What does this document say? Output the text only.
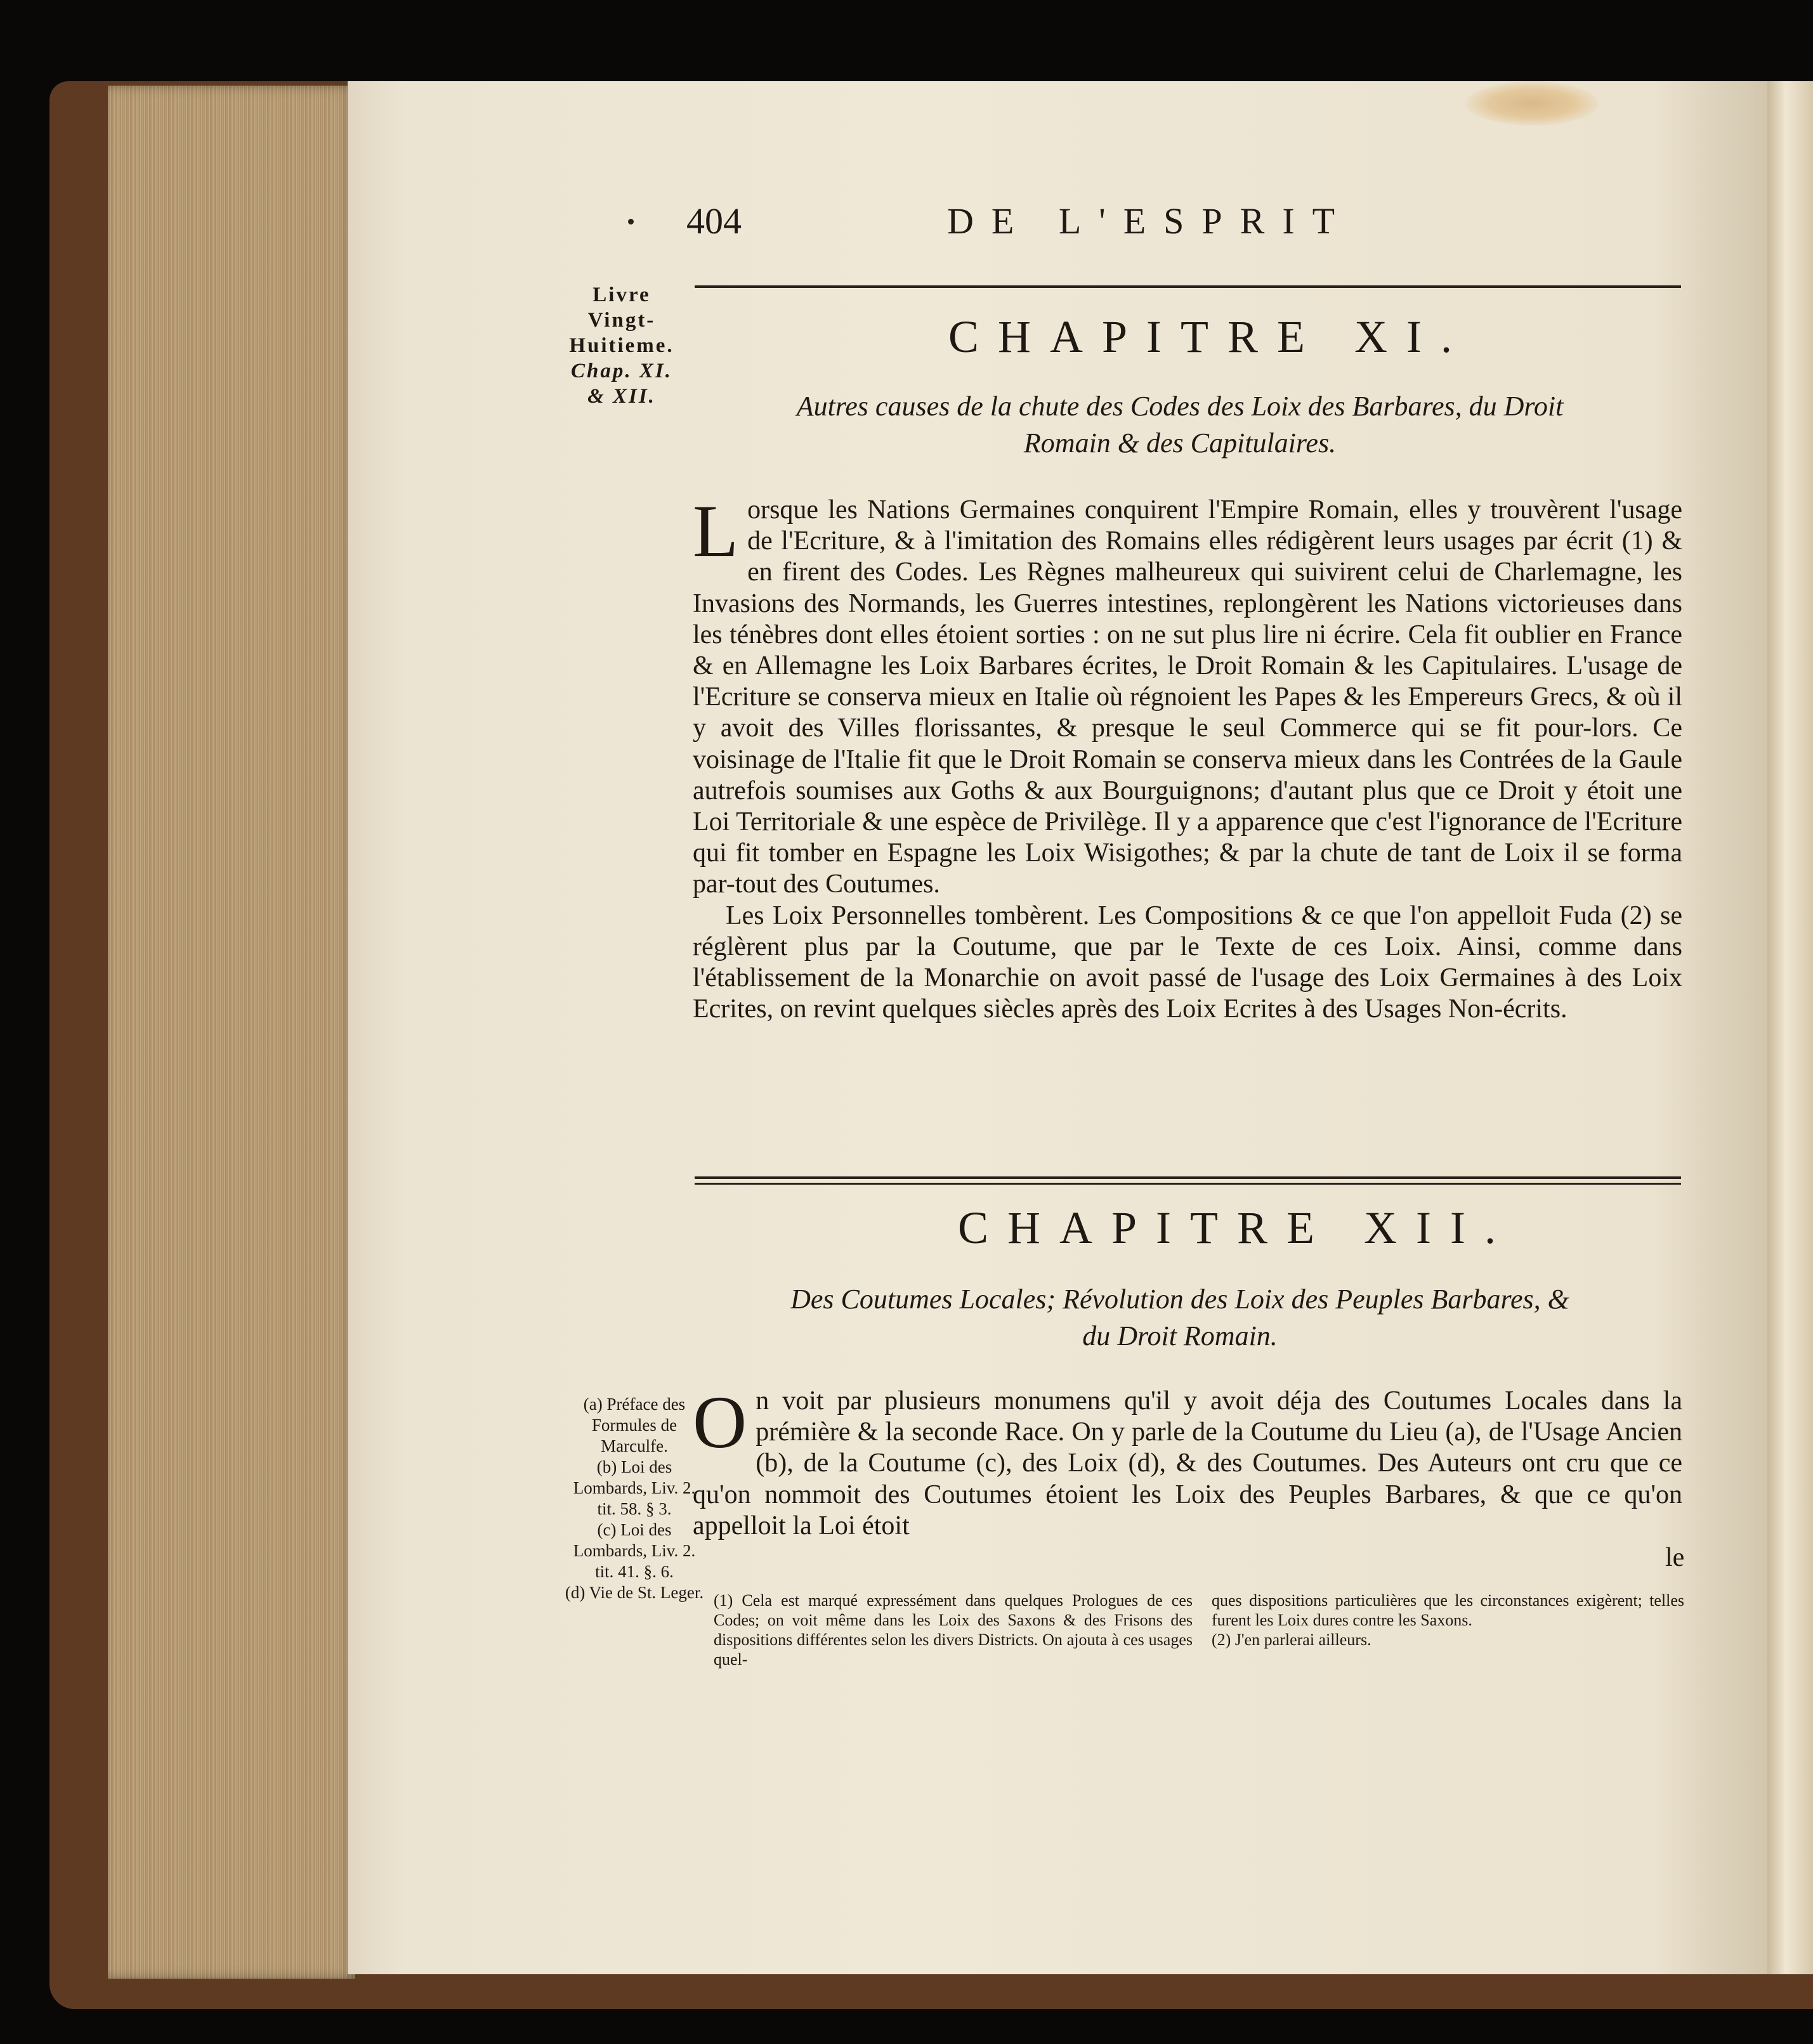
404	DE L'ESPRIT
Livre
Vingt-
Huitieme.
Chap. XI.
& XII.
CHAPITRE XI.
Autres causes de la chute des Codes des Loix des Barbares, du Droit
Romain & des Capitulaires.

Lorsque les Nations Germaines conquirent l'Empire Romain, elles y trouvèrent l'usage de l'Ecriture, & à l'imitation des Romains elles rédigèrent leurs usages par écrit (1) & en firent des Codes. Les Règnes malheureux qui suivirent celui de Charlemagne, les Invasions des Normands, les Guerres intestines, replongèrent les Nations victorieuses dans les ténèbres dont elles étoient sorties : on ne sut plus lire ni écrire. Cela fit oublier en France & en Allemagne les Loix Barbares écrites, le Droit Romain & les Capitulaires. L'usage de l'Ecriture se conserva mieux en Italie où régnoient les Papes & les Empereurs Grecs, & où il y avoit des Villes florissantes, & presque le seul Commerce qui se fit pour-lors. Ce voisinage de l'Italie fit que le Droit Romain se conserva mieux dans les Contrées de la Gaule autrefois soumises aux Goths & aux Bourguignons; d'autant plus que ce Droit y étoit une Loi Territoriale & une espèce de Privilège. Il y a apparence que c'est l'ignorance de l'Ecriture qui fit tomber en Espagne les Loix Wisigothes; & par la chute de tant de Loix il se forma par-tout des Coutumes.

Les Loix Personnelles tombèrent. Les Compositions & ce que l'on appelloit Fuda (2) se réglèrent plus par la Coutume, que par le Texte de ces Loix. Ainsi, comme dans l'établissement de la Monarchie on avoit passé de l'usage des Loix Germaines à des Loix Ecrites, on revint quelques siècles après des Loix Ecrites à des Usages Non-écrits.

CHAPITRE XII.
Des Coutumes Locales; Révolution des Loix des Peuples Barbares, &
du Droit Romain.

On voit par plusieurs monumens qu'il y avoit déja des Coutumes Locales dans la prémière & la seconde Race. On y parle de la Coutume du Lieu (a), de l'Usage Ancien (b), de la Coutume (c), des Loix (d), & des Coutumes. Des Auteurs ont cru que ce qu'on nommoit des Coutumes étoient les Loix des Peuples Barbares, & que ce qu'on appelloit la Loi étoit

le
(a) Préface des Formules de Marculfe.
(b) Loi des Lombards, Liv. 2. tit. 58. § 3.
(c) Loi des Lombards, Liv. 2. tit. 41. §. 6.
(d) Vie de St. Leger. (1) Cela est marqué expressément dans quelques Prologues de ces Codes; on voit même dans les Loix des Saxons & des Frisons des dispositions différentes selon les divers Districts. On ajouta à ces usages quel-
ques dispositions particulières que les circonstances exigèrent; telles furent les Loix dures contre les Saxons.
(2) J'en parlerai ailleurs.
